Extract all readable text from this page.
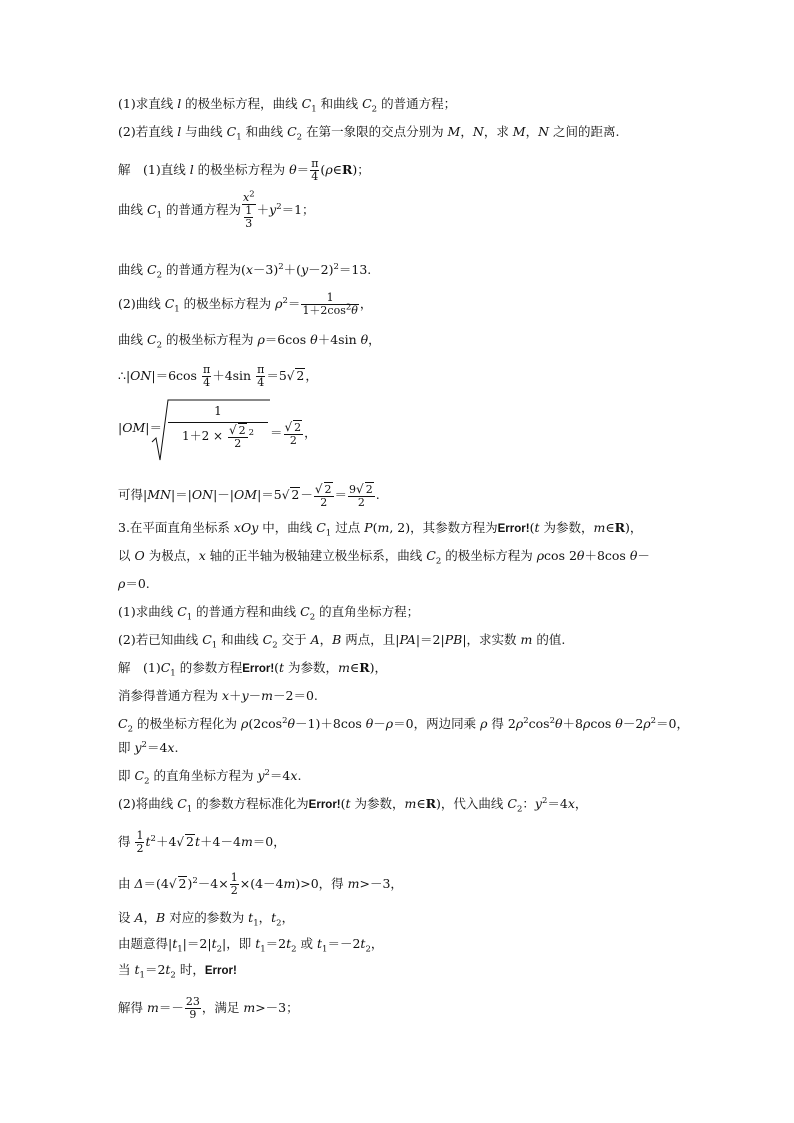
(1)求直线 l 的极坐标方程，曲线 $C_1$ 和曲线 $C_2$ 的普通方程；
(2)若直线 l 与曲线 $C_1$ 和曲线 $C_2$ 在第一象限的交点分别为 M，N，求 M，N 之间的距离.
解　(1)直线 l 的极坐标方程为 $\theta= \frac{\pi}{4}$ (ρ∈R)；
曲线 $C_1$ 的普通方程为 $\frac{x^2}{\frac{1}{3}} +y^2=1$；
曲线 $C_2$ 的普通方程为$(x-3)^2+(y-2)^2=13$.
(2)曲线 $C_1$ 的极坐标方程为 $\rho^2= \frac{1}{1+2\cos^2\theta}$ ，
曲线 $C_2$ 的极坐标方程为 ρ＝6cos θ＋4sin θ，
∴|ON|＝6cos $\frac{\pi}{4} +4\sin \frac{\pi}{4} =5√$ 2，
|OM|＝
1
$1+2 \times \frac{√ 2}{2} ^2$	＝ $\frac{√ 2}{2}$ ，
可得|MN|＝|ON|－|OM|＝5√ $2- \frac{√ 2}{2} = \frac{9√ 2}{2}$ .
3.在平面直角坐标系 xOy 中，曲线 $C_1$ 过点 P(m, 2)，其参数方程为Error!(t 为参数，m∈R)，
以 O 为极点，x 轴的正半轴为极轴建立极坐标系，曲线 $C_2$ 的极坐标方程为 ρcos 2θ＋8cos θ－
ρ＝0.
(1)求曲线 $C_1$ 的普通方程和曲线 $C_2$ 的直角坐标方程；
(2)若已知曲线 $C_1$ 和曲线 $C_2$ 交于 A，B 两点，且|PA|＝2|PB|，求实数 m 的值.
解　$(1)C_1$ 的参数方程Error!(t 为参数，m∈R)，
消参得普通方程为 x＋y－m－2＝0.
$C_2$ 的极坐标方程化为 $\rho(2\cos^2\theta-1)+8\cos$ θ－ρ＝0，两边同乘 ρ 得 $2\rho^2\cos^2\theta+8\rho\cos$ $\theta-2\rho^2=0$，
即 $y^2=4x$.
即 $C_2$ 的直角坐标方程为 $y^2=4x$.
(2)将曲线 $C_1$ 的参数方程标准化为Error!(t 为参数，m∈R)，代入曲线 $C_2$：$y^2=4x$，
得 $\frac{1}{2} t^2+4√$ 2t＋4－4m＝0，
由 Δ＝(4√ $2)^2-4\times \frac{1}{2} \times(4-4m)>0$，得 m>－3，
设 A，B 对应的参数为 $t_1$，$t_2$，
由题意得$|t_1|=2|t_2|$，即 $t_1=2t_2$ 或 $t_1=-2t_2$，
当 $t_1=2t_2$ 时，Error!
解得 $m=- \frac{23}{9}$ ，满足 m>－3；
